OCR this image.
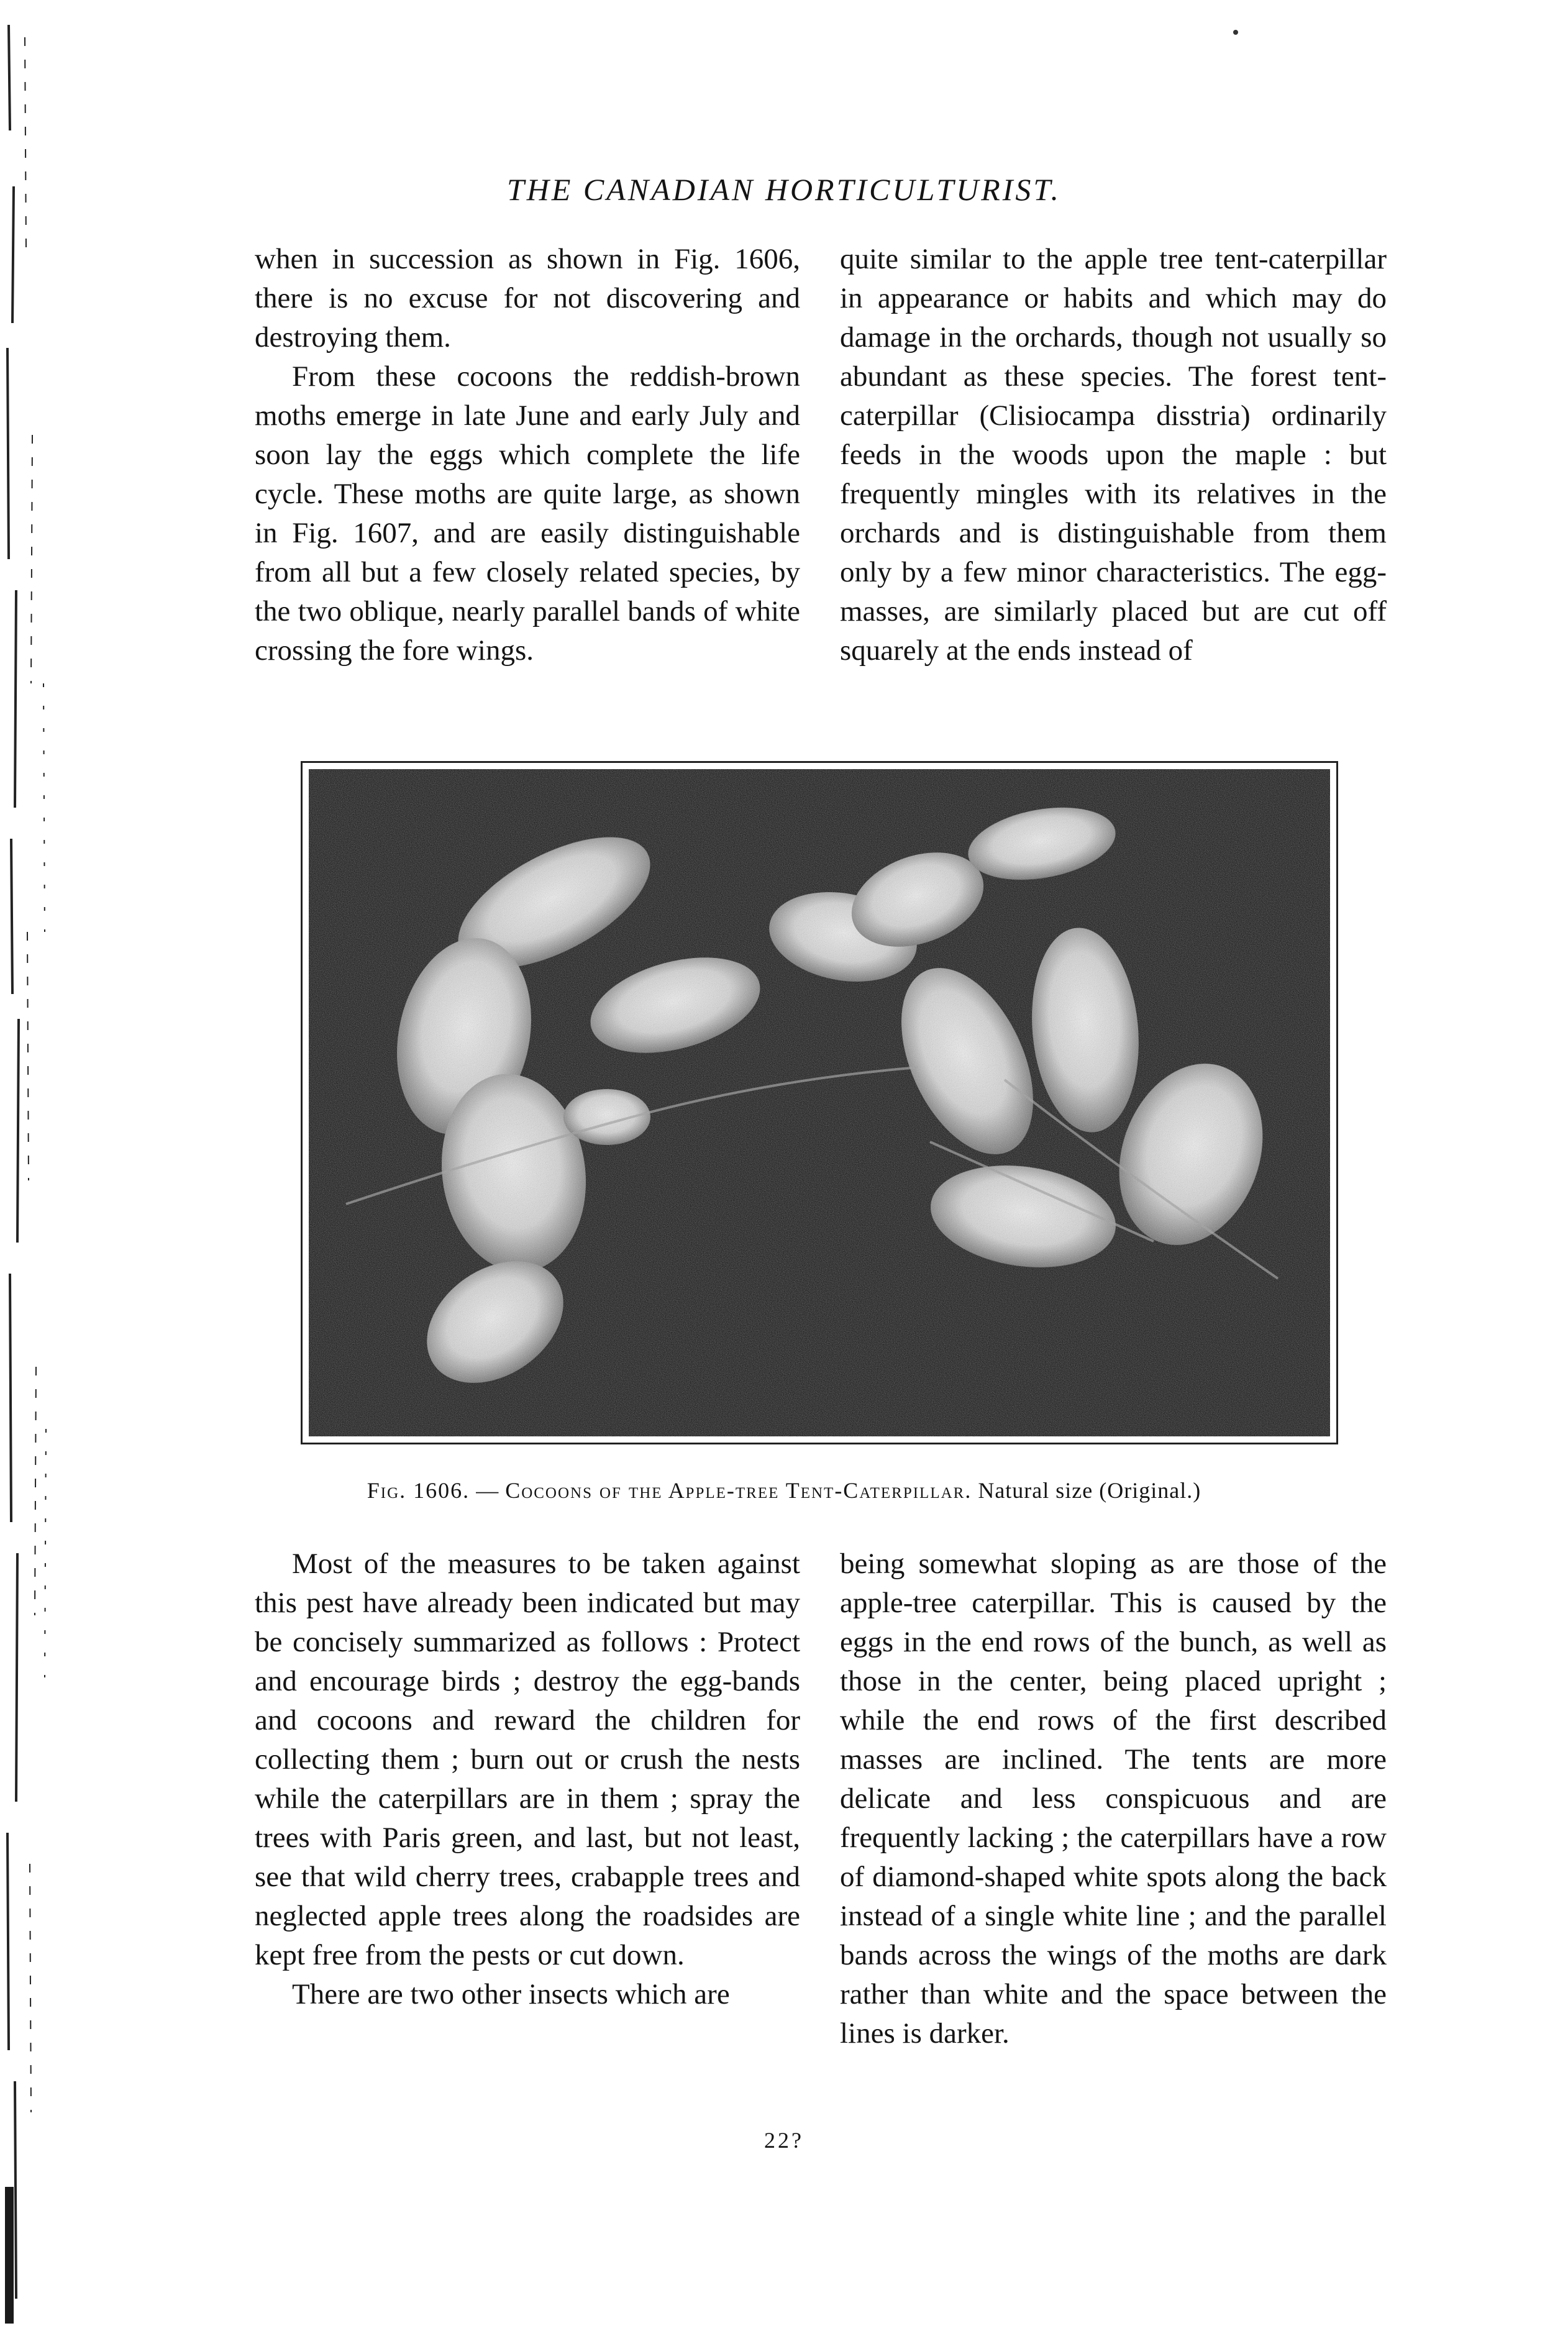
THE CANADIAN HORTICULTURIST.

when in succession as shown in Fig. 1606, there is no excuse for not discovering and destroying them.

From these cocoons the reddish-brown moths emerge in late June and early July and soon lay the eggs which complete the life cycle. These moths are quite large, as shown in Fig. 1607, and are easily distinguishable from all but a few closely related species, by the two oblique, nearly parallel bands of white crossing the fore wings.

quite similar to the apple tree tent-caterpillar in appearance or habits and which may do damage in the orchards, though not usually so abundant as these species. The forest tent-caterpillar (Clisiocampa disstria) ordinarily feeds in the woods upon the maple : but frequently mingles with its relatives in the orchards and is distinguishable from them only by a few minor characteristics. The egg-masses, are similarly placed but are cut off squarely at the ends instead of

Fig. 1606. — Cocoons of the Apple-tree Tent-Caterpillar. Natural size (Original.)

Most of the measures to be taken against this pest have already been indicated but may be concisely summarized as follows : Protect and encourage birds ; destroy the egg-bands and cocoons and reward the children for collecting them ; burn out or crush the nests while the caterpillars are in them ; spray the trees with Paris green, and last, but not least, see that wild cherry trees, crabapple trees and neglected apple trees along the roadsides are kept free from the pests or cut down.

There are two other insects which are

being somewhat sloping as are those of the apple-tree caterpillar. This is caused by the eggs in the end rows of the bunch, as well as those in the center, being placed upright ; while the end rows of the first described masses are inclined. The tents are more delicate and less conspicuous and are frequently lacking ; the caterpillars have a row of diamond-shaped white spots along the back instead of a single white line ; and the parallel bands across the wings of the moths are dark rather than white and the space between the lines is darker.

22?
